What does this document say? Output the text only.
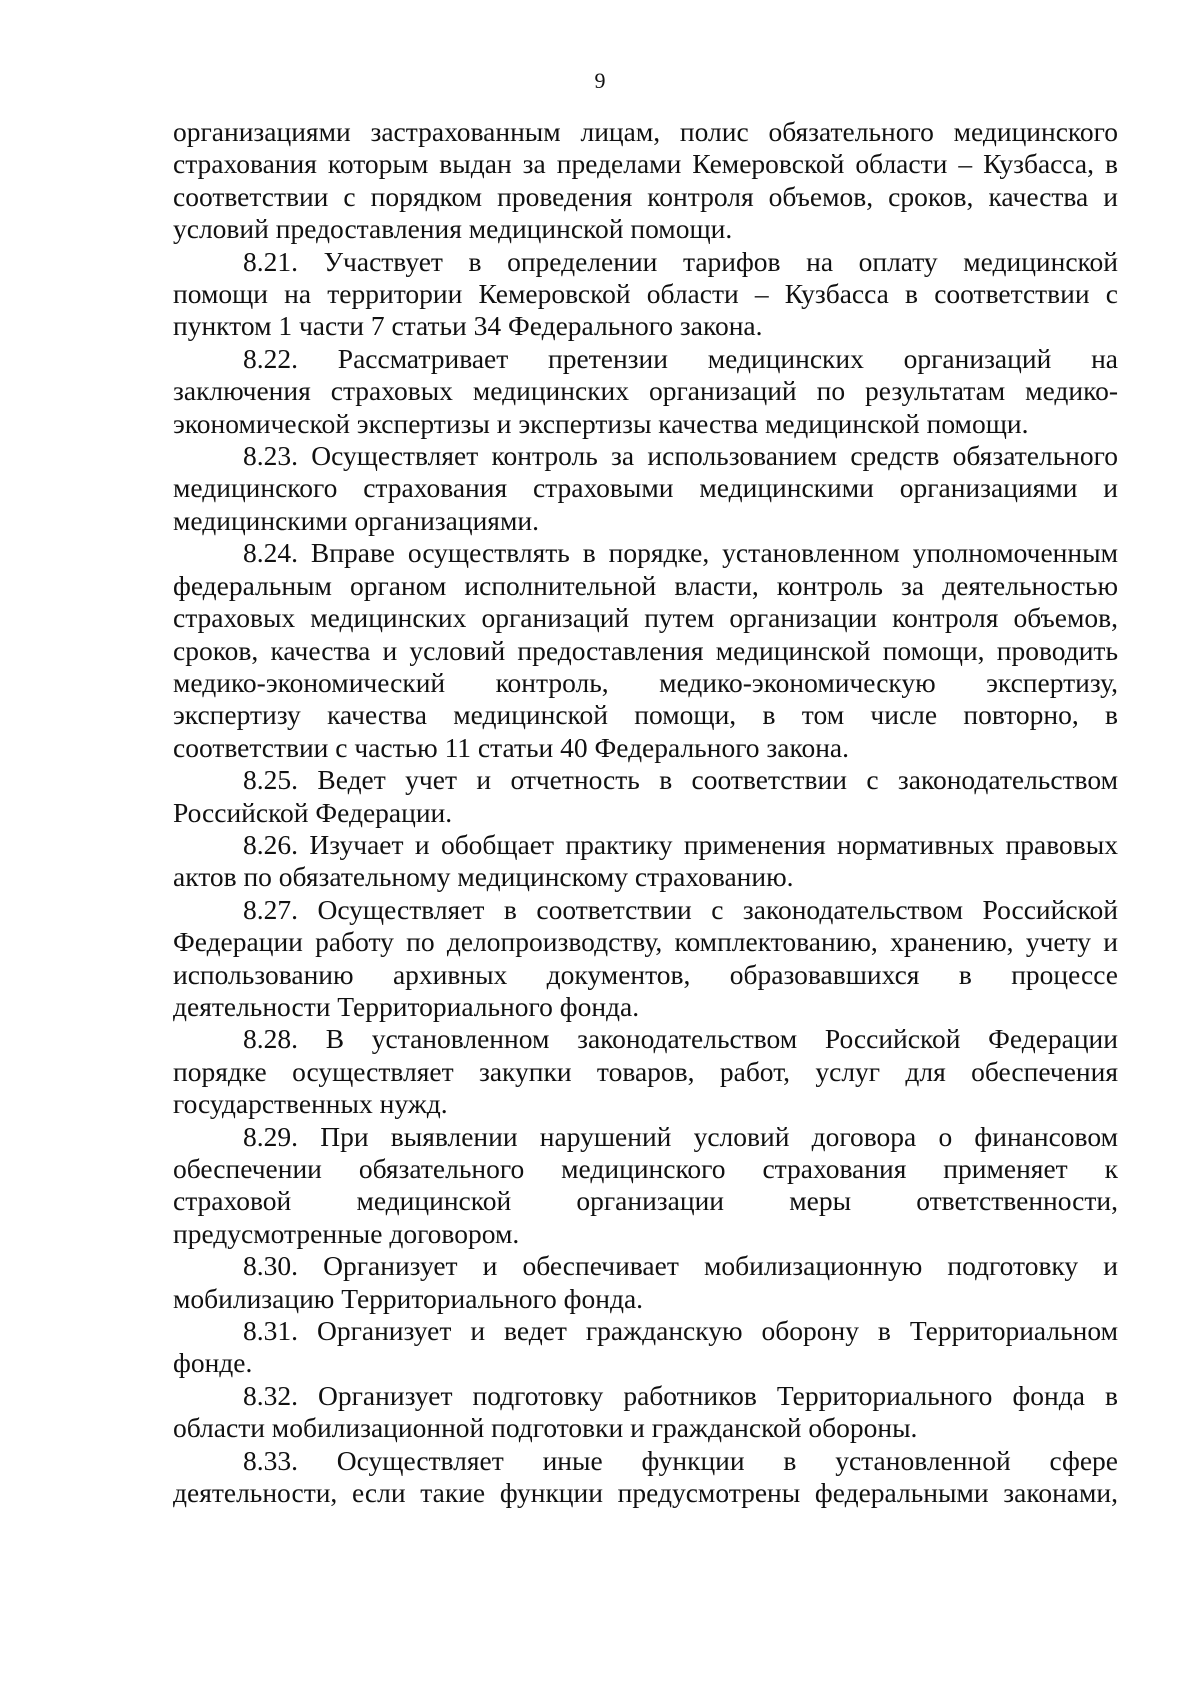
9
организациями застрахованным лицам, полис обязательного медицинского
страхования которым выдан за пределами Кемеровской области – Кузбасса, в
соответствии с порядком проведения контроля объемов, сроков, качества и
условий предоставления медицинской помощи.
8.21. Участвует в определении тарифов на оплату медицинской
помощи на территории Кемеровской области – Кузбасса в соответствии с
пунктом 1 части 7 статьи 34 Федерального закона.
8.22. Рассматривает претензии медицинских организаций на
заключения страховых медицинских организаций по результатам медико-
экономической экспертизы и экспертизы качества медицинской помощи.
8.23. Осуществляет контроль за использованием средств обязательного
медицинского страхования страховыми медицинскими организациями и
медицинскими организациями.
8.24. Вправе осуществлять в порядке, установленном уполномоченным
федеральным органом исполнительной власти, контроль за деятельностью
страховых медицинских организаций путем организации контроля объемов,
сроков, качества и условий предоставления медицинской помощи, проводить
медико-экономический контроль, медико-экономическую экспертизу,
экспертизу качества медицинской помощи, в том числе повторно, в
соответствии с частью 11 статьи 40 Федерального закона.
8.25. Ведет учет и отчетность в соответствии с законодательством
Российской Федерации.
8.26. Изучает и обобщает практику применения нормативных правовых
актов по обязательному медицинскому страхованию.
8.27. Осуществляет в соответствии с законодательством Российской
Федерации работу по делопроизводству, комплектованию, хранению, учету и
использованию архивных документов, образовавшихся в процессе
деятельности Территориального фонда.
8.28. В установленном законодательством Российской Федерации
порядке осуществляет закупки товаров, работ, услуг для обеспечения
государственных нужд.
8.29. При выявлении нарушений условий договора о финансовом
обеспечении обязательного медицинского страхования применяет к
страховой медицинской организации меры ответственности,
предусмотренные договором.
8.30. Организует и обеспечивает мобилизационную подготовку и
мобилизацию Территориального фонда.
8.31. Организует и ведет гражданскую оборону в Территориальном
фонде.
8.32. Организует подготовку работников Территориального фонда в
области мобилизационной подготовки и гражданской обороны.
8.33. Осуществляет иные функции в установленной сфере
деятельности, если такие функции предусмотрены федеральными законами,
